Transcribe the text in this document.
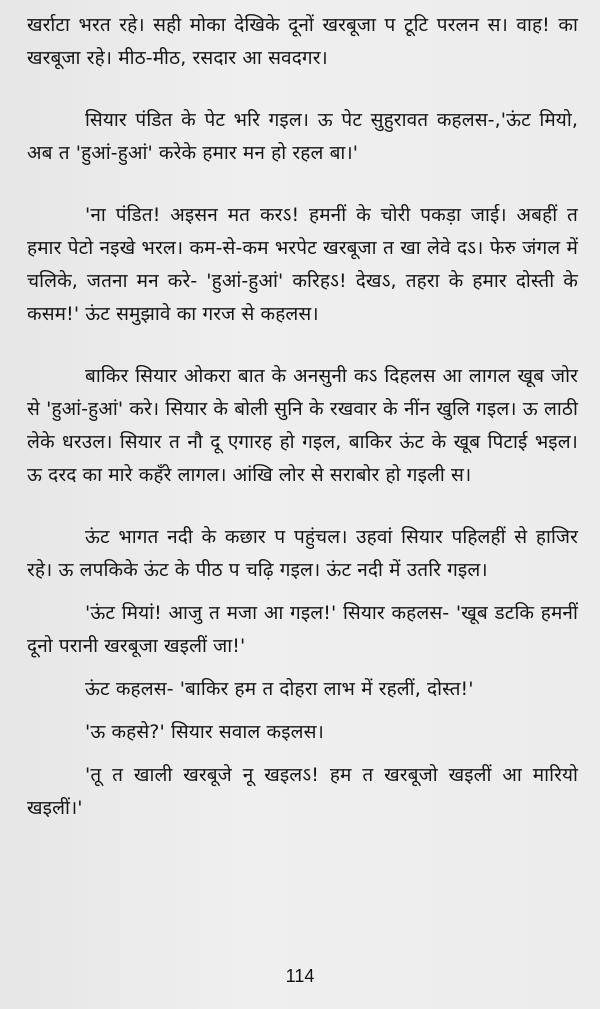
खर्राटा भरत रहे। सही मोका देखिके दूनों खरबूजा प टूटि परलन स। वाह! का खरबूजा रहे। मीठ-मीठ, रसदार आ सवदगर।

सियार पंडित के पेट भरि गइल। ऊ पेट सुहुरावत कहलस-,'ऊंट मियो, अब त 'हुआं-हुआं' करेके हमार मन हो रहल बा।'

'ना पंडित! अइसन मत करऽ! हमनीं के चोरी पकड़ा जाई। अबहीं त हमार पेटो नइखे भरल। कम-से-कम भरपेट खरबूजा त खा लेवे दऽ। फेरु जंगल में चलिके, जतना मन करे- 'हुआं-हुआं' करिहऽ! देखऽ, तहरा के हमार दोस्ती के कसम!' ऊंट समुझावे का गरज से कहलस।

बाकिर सियार ओकरा बात के अनसुनी कऽ दिहलस आ लागल खूब जोर से 'हुआं-हुआं' करे। सियार के बोली सुनि के रखवार के नींन खुलि गइल। ऊ लाठी लेके धरउल। सियार त नौ दू एगारह हो गइल, बाकिर ऊंट के खूब पिटाई भइल। ऊ दरद का मारे कहँरे लागल। आंखि लोर से सराबोर हो गइली स।

ऊंट भागत नदी के कछार प पहुंचल। उहवां सियार पहिलहीं से हाजिर रहे। ऊ लपकिके ऊंट के पीठ प चढ़ि गइल। ऊंट नदी में उतरि गइल।

'ऊंट मियां! आजु त मजा आ गइल!' सियार कहलस- 'खूब डटकि हमनीं दूनो परानी खरबूजा खइलीं जा!'

ऊंट कहलस- 'बाकिर हम त दोहरा लाभ में रहलीं, दोस्त!'

'ऊ कहसे?' सियार सवाल कइलस।

'तू त खाली खरबूजे नू खइलऽ! हम त खरबूजो खइलीं आ मारियो खइलीं।'

114
